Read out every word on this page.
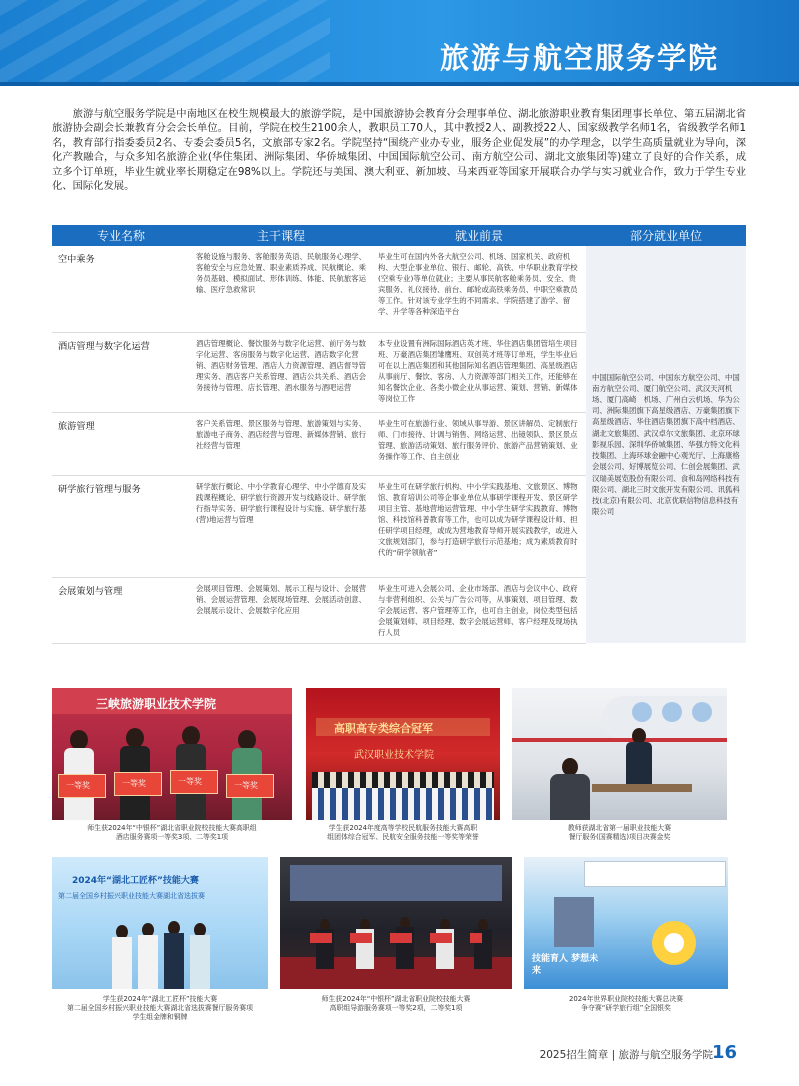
旅游与航空服务学院

旅游与航空服务学院是中南地区在校生规模最大的旅游学院，是中国旅游协会教育分会理事单位、湖北旅游职业教育集团理事长单位、第五届湖北省旅游协会副会长兼教育分会会长单位。目前，学院在校生2100余人，教职员工70人，其中教授2人、副教授22人、国家级教学名师1名，省级教学名师1名，教育部行指委委员2名、专委会委员5名，文旅部专家2名。学院坚持“围绕产业办专业，服务企业促发展”的办学理念，以学生高质量就业为导向，深化产教融合，与众多知名旅游企业(华住集团、洲际集团、华侨城集团、中国国际航空公司、南方航空公司、湖北文旅集团等)建立了良好的合作关系，成立多个订单班，毕业生就业率长期稳定在98%以上。学院还与美国、澳大利亚、新加坡、马来西亚等国家开展联合办学与实习就业合作，致力于学生专业化、国际化发展。

专业名称	主干课程	就业前景	部分就业单位
空中乘务	客舱设施与服务、客舱服务英语、民航服务心理学、客舱安全与应急处置、职业素质养成、民航概论、乘务员基础、模拟面试、形体训练、体能、民航旅客运输、医疗急救常识	毕业生可在国内外各大航空公司、机场、国家机关、政府机构、大型企事业单位、银行、邮轮、高铁、中华职业教育学校(空乘专业)等单位就业；主要从事民航客舱乘务员、安全、贵宾服务、礼仪接待、前台、邮轮或高铁乘务员、中职空乘教员等工作。针对该专业学生的不同需求、学院搭建了游学、留学、升学等各种深造平台	中国国际航空公司、中国东方航空公司、中国南方航空公司、厦门航空公司、武汉天河机场、厦门高崎　机场、广州白云机场、华为公司、洲际集团旗下高星级酒店、万豪集团旗下高星级酒店、华住酒店集团旗下高中档酒店、湖北文旅集团、武汉卓尔文旅集团、北京环球影视乐园、深圳华侨城集团、华强方特文化科技集团、上海环球金融中心观光厅、上海康格会展公司、好博展览公司、仁创会展集团、武汉瑞美展览股份有限公司、食和岛网络科技有限公司、湖北三时文旅开发有限公司、讯狐科技(北京)有限公司、北京优联信物信息科技有限公司
酒店管理与数字化运营	酒店管理概论、餐饮服务与数字化运营、前厅务与数字化运营、客房服务与数字化运营、酒店数字化营销、酒店财务管理、酒店人力资源管理、酒店督导管理实务、酒店客户关系管理、酒店公共关系、酒店会务接待与管理、店长管理、酒水服务与酒吧运营	本专业设置有洲际国际酒店英才班、华住酒店集团管培生项目班、万豪酒店集团雏鹰班、双创英才班等订单班，学生毕业后可在以上酒店集团和其他国际知名酒店管理集团、高星级酒店从事前厅、餐饮、客房、人力资源等部门相关工作，还能够在知名餐饮企业、各类小微企业从事运营、策划、营销、新媒体等岗位工作	
旅游管理	客户关系管理、景区服务与管理、旅游策划与实务、旅游电子商务、酒店经营与管理、新媒体营销、旅行社经营与管理	毕业生可在旅游行业、领域从事导游、景区讲解员、定制旅行师、门市接待、计调与销售、网络运营、出镜领队、景区景点管理、旅游活动策划、旅行服务评价、旅游产品营销策划、业务操作等工作、自主创业	
研学旅行管理与服务	研学旅行概论、中小学教育心理学、中小学德育及实践课程概论、研学旅行资源开发与线路设计、研学旅行指导实务、研学旅行课程设计与实施、研学旅行基(营)地运营与管理	毕业生可在研学旅行机构、中小学实践基地、文旅景区、博物馆、教育培训公司等企事业单位从事研学课程开发、景区研学项目主管、基地营地运营管理、中小学生研学实践教育、博物馆、科技馆科普教育等工作，也可以成为研学课程设计师、担任研学项目经理，或成为营地教育导师开展实践教学，或进入文旅规划部门，参与打造研学旅行示范基地；成为素质教育时代的“研学领航者”	
会展策划与管理	会展项目管理、会展策划、展示工程与设计、会展营销、会展运营管理、会展现场管理、会展活动创意、会展展示设计、会展数字化应用	毕业生可进入会展公司、企业市场部、酒店与会议中心、政府与非营利组织、公关与广告公司等，从事策划、项目管理、数字会展运营、客户管理等工作，也可自主创业，岗位类型包括会展策划师、项目经理、数字会展运营师、客户经理及现场执行人员	
三峡旅游职业技术学院
一等奖	一等奖	一等奖	一等奖

师生获2024年“中银杯”湖北省职业院校技能大赛高职组
酒店服务赛项一等奖3项、二等奖1项

高职高专类综合冠军
武汉职业技术学院

学生获2024年度高等学校民航服务技能大赛高职
组团体综合冠军、民航安全服务技能一等奖等荣誉

教师获湖北省第一届职业技能大赛
餐厅服务(国赛精选)项目决赛金奖

2024年“湖北工匠杯”技能大赛
第二届全国乡村振兴职业技能大赛湖北省选拔赛

学生获2024年“湖北工匠杯”技能大赛
第二届全国乡村振兴职业技能大赛湖北省选拔赛餐厅服务赛项
学生组金牌和铜牌

师生获2024年“中银杯”湖北省职业院校技能大赛
高职组导游服务赛项一等奖2项，二等奖1项

技能育人 梦想未来

2024年世界职业院校技能大赛总决赛
争夺赛“研学旅行组”全国银奖

2025招生简章 | 旅游与航空服务学院

16
